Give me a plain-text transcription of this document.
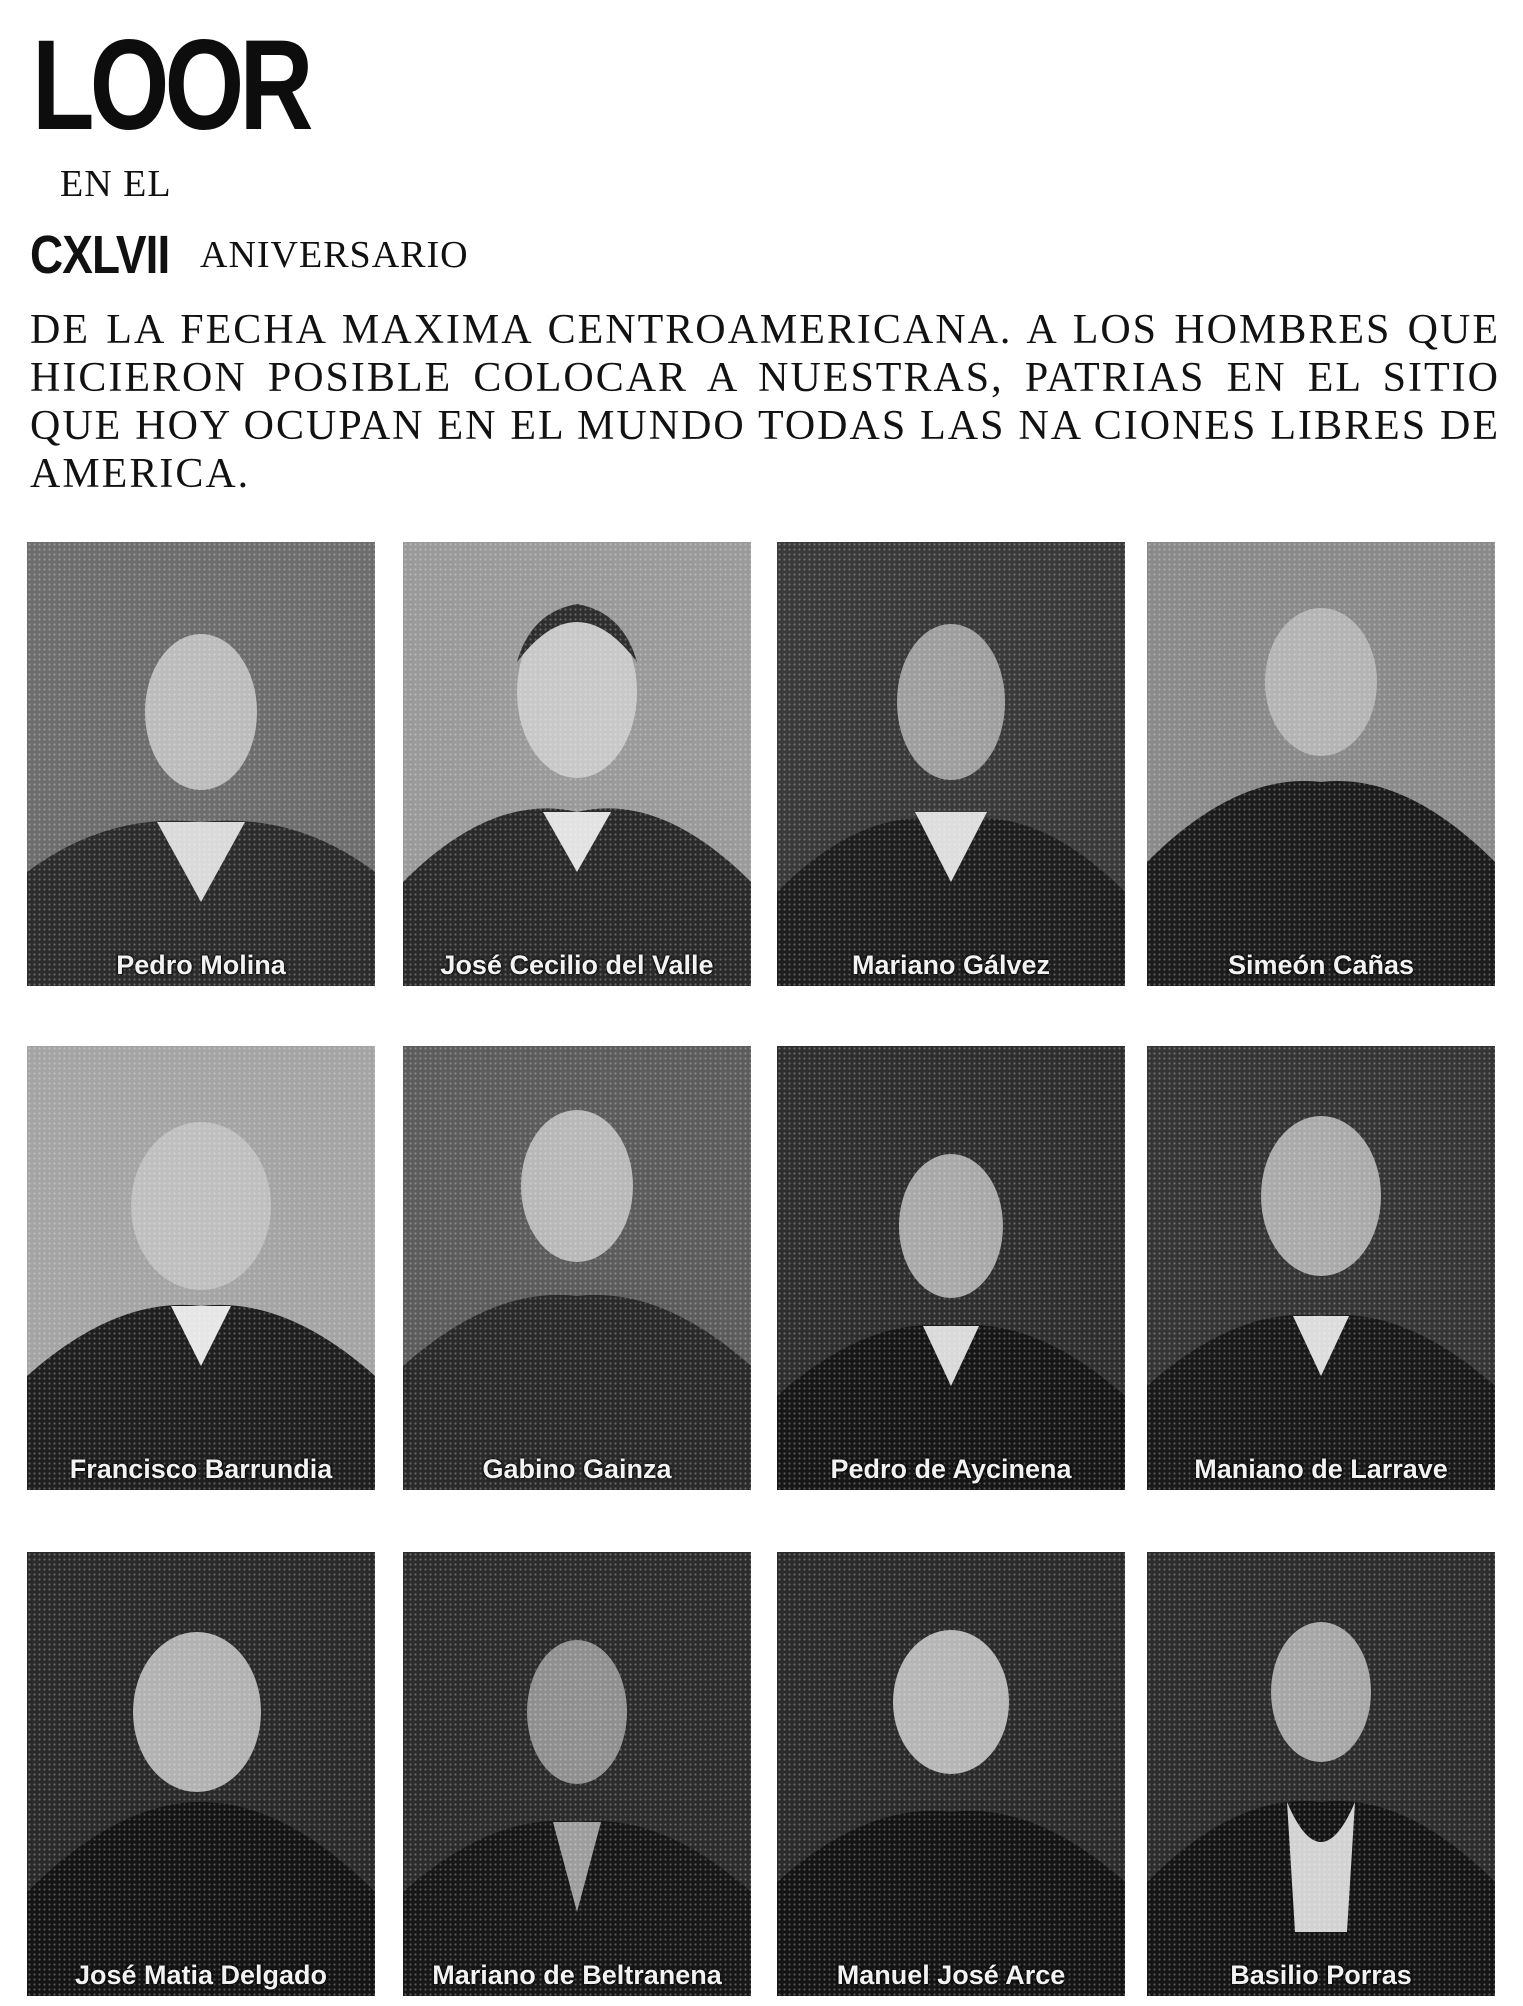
LOOR
EN EL
CXLVII ANIVERSARIO

DE LA FECHA MAXIMA CENTROAMERICANA. A LOS HOMBRES QUE HICIERON POSIBLE COLOCAR A NUESTRAS, PATRIAS EN EL SITIO QUE HOY OCUPAN EN EL MUNDO TODAS LAS NA CIONES LIBRES DE AMERICA.

Pedro Molina	José Cecilio del Valle	Mariano Gálvez	Simeón Cañas
Francisco Barrundia	Gabino Gainza	Pedro de Aycinena	Maniano de Larrave
José Matia Delgado	Mariano de Beltranena	Manuel José Arce	Basilio Porras
